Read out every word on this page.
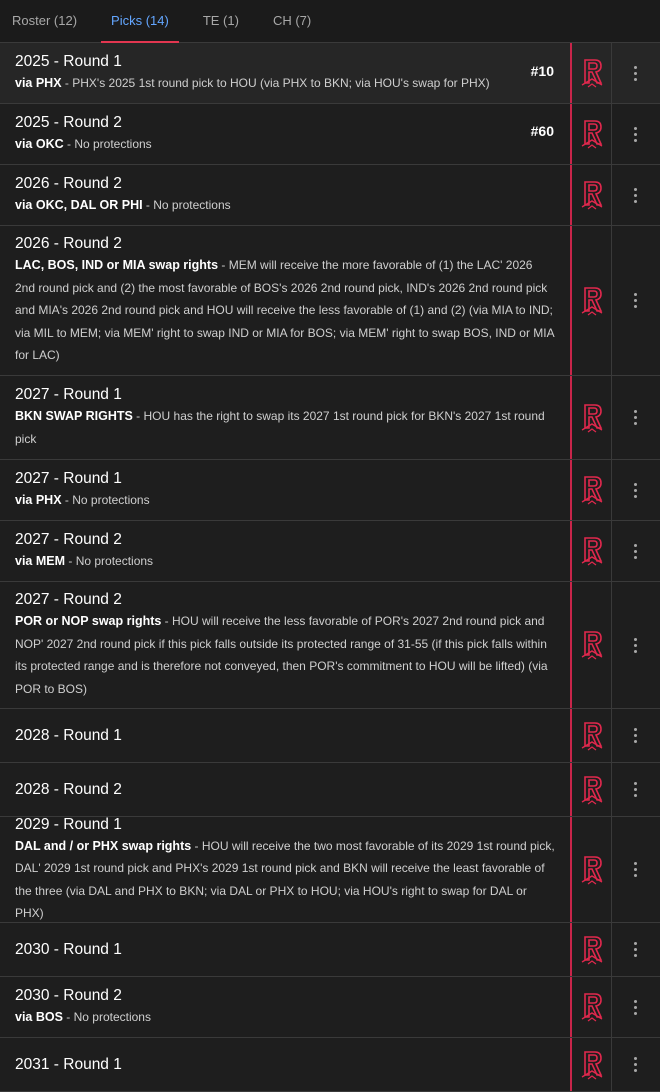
Roster (12)	Picks (14)	TE (1)	CH (7)
2025 - Round 1
via PHX - PHX's 2025 1st round pick to HOU (via PHX to BKN; via HOU's swap for PHX)
#10
2025 - Round 2
via OKC - No protections
#60
2026 - Round 2
via OKC, DAL OR PHI - No protections
2026 - Round 2
LAC, BOS, IND or MIA swap rights - MEM will receive the more favorable of (1) the LAC' 2026 2nd round pick and (2) the most favorable of BOS's 2026 2nd round pick, IND's 2026 2nd round pick and MIA's 2026 2nd round pick and HOU will receive the less favorable of (1) and (2) (via MIA to IND; via MIL to MEM; via MEM' right to swap IND or MIA for BOS; via MEM' right to swap BOS, IND or MIA for LAC)
2027 - Round 1
BKN SWAP RIGHTS - HOU has the right to swap its 2027 1st round pick for BKN's 2027 1st round pick
2027 - Round 1
via PHX - No protections
2027 - Round 2
via MEM - No protections
2027 - Round 2
POR or NOP swap rights - HOU will receive the less favorable of POR's 2027 2nd round pick and NOP' 2027 2nd round pick if this pick falls outside its protected range of 31-55 (if this pick falls within its protected range and is therefore not conveyed, then POR's commitment to HOU will be lifted) (via POR to BOS)
2028 - Round 1
2028 - Round 2
2029 - Round 1
DAL and / or PHX swap rights - HOU will receive the two most favorable of its 2029 1st round pick, DAL' 2029 1st round pick and PHX's 2029 1st round pick and BKN will receive the least favorable of the three (via DAL and PHX to BKN; via DAL or PHX to HOU; via HOU's right to swap for DAL or PHX)
2030 - Round 1
2030 - Round 2
via BOS - No protections
2031 - Round 1
